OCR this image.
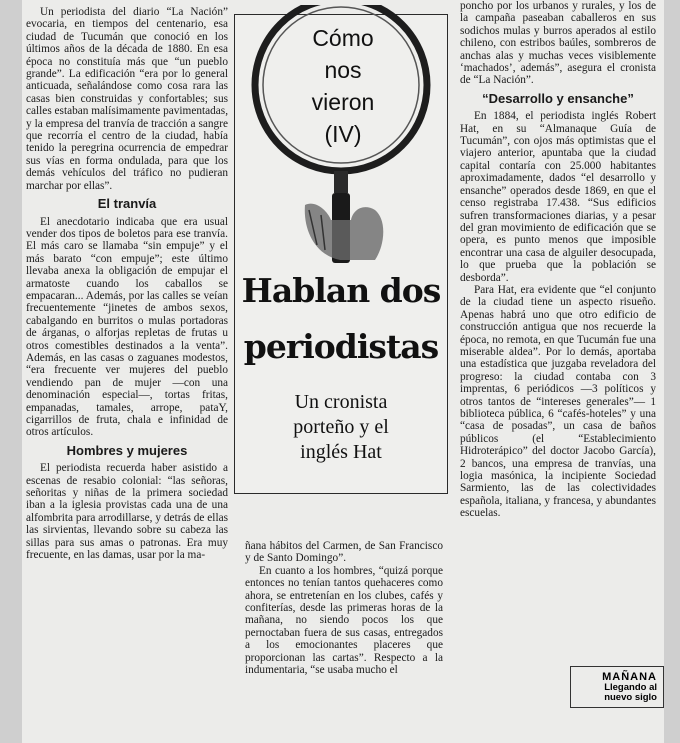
Un periodista del diario “La Nación” evocaria, en tiempos del centenario, esa ciudad de Tucumán que conoció en los últimos años de la década de 1880. En esa época no constituía más que “un pueblo grande”. La edificación “era por lo general anticuada, señalándose como cosa rara las casas bien construidas y confortables; sus calles estaban malísimamente pavimentadas, y la empresa del tranvía de tracción a sangre que recorría el centro de la ciudad, había tenido la peregrina ocurrencia de empedrar sus vías en forma ondulada, para que los demás vehículos del tráfico no pudieran marchar por ellas”.

El tranvía

El anecdotario indicaba que era usual vender dos tipos de boletos para ese tranvía. El más caro se llamaba “sin empuje” y el más barato “con empuje”; este último llevaba anexa la obligación de empujar el armatoste cuando los caballos se empacaran... Además, por las calles se veían frecuentemente “jinetes de ambos sexos, cabalgando en burritos o mulas portadoras de árganas, o alforjas repletas de frutas u otros comestibles destinados a la venta”. Además, en las casas o zaguanes modestos, “era frecuente ver mujeres del pueblo vendiendo pan de mujer —con una denominación especial—, tortas fritas, empanadas, tamales, arrope, pataY, cigarrillos de fruta, chala e infinidad de otros artículos.

Hombres y mujeres

El periodista recuerda haber asistido a escenas de resabio colonial: “las señoras, señoritas y niñas de la primera sociedad iban a la iglesia provistas cada una de una alfombrita para arrodillarse, y detrás de ellas las sirvientas, llevando sobre su cabeza las sillas para sus amas o patronas. Era muy frecuente, en las damas, usar por la ma-

Cómo
nos
vieron
(IV)
Hablan dos
periodistas
Un cronista
porteño y el
inglés Hat

ñana hábitos del Carmen, de San Francisco y de Santo Domingo”.

En cuanto a los hombres, “quizá porque entonces no tenían tantos quehaceres como ahora, se entretenían en los clubes, cafés y confiterías, desde las primeras horas de la mañana, no siendo pocos los que pernoctaban fuera de sus casas, entregados a los emocionantes placeres que proporcionan las cartas”. Respecto a la indumentaria, “se usaba mucho el

poncho por los urbanos y rurales, y los de la campaña paseaban caballeros en sus sodichos mulas y burros aperados al estilo chileno, con estribos baúles, sombreros de anchas alas y muchas veces visiblemente ‘machados’, además”, asegura el cronista de “La Nación”.

“Desarrollo y ensanche”

En 1884, el periodista inglés Robert Hat, en su “Almanaque Guía de Tucumán”, con ojos más optimistas que el viajero anterior, apuntaba que la ciudad capital contaría con 25.000 habitantes aproximadamente, dados “el desarrollo y ensanche” operados desde 1869, en que el censo registraba 17.438. “Sus edificios sufren transformaciones diarias, y a pesar del gran movimiento de edificación que se opera, es punto menos que imposible encontrar una casa de alguiler desocupada, lo que prueba que la población se desborda”.

Para Hat, era evidente que “el conjunto de la ciudad tiene un aspecto risueño. Apenas habrá uno que otro edificio de construcción antigua que nos recuerde la época, no remota, en que Tucumán fue una miserable aldea”. Por lo demás, aportaba una estadística que juzgaba reveladora del progreso: la ciudad contaba con 3 imprentas, 6 periódicos —3 políticos y otros tantos de “intereses generales”— 1 biblioteca pública, 6 “cafés-hoteles” y una “casa de posadas”, un casa de baños públicos (el “Establecimiento Hidroterápico” del doctor Jacobo García), 2 bancos, una empresa de tranvías, una logia masónica, la incipiente Sociedad Sarmiento, las de las colectividades española, italiana, y francesa, y abundantes escuelas.

MAÑANA
Llegando al
nuevo siglo
